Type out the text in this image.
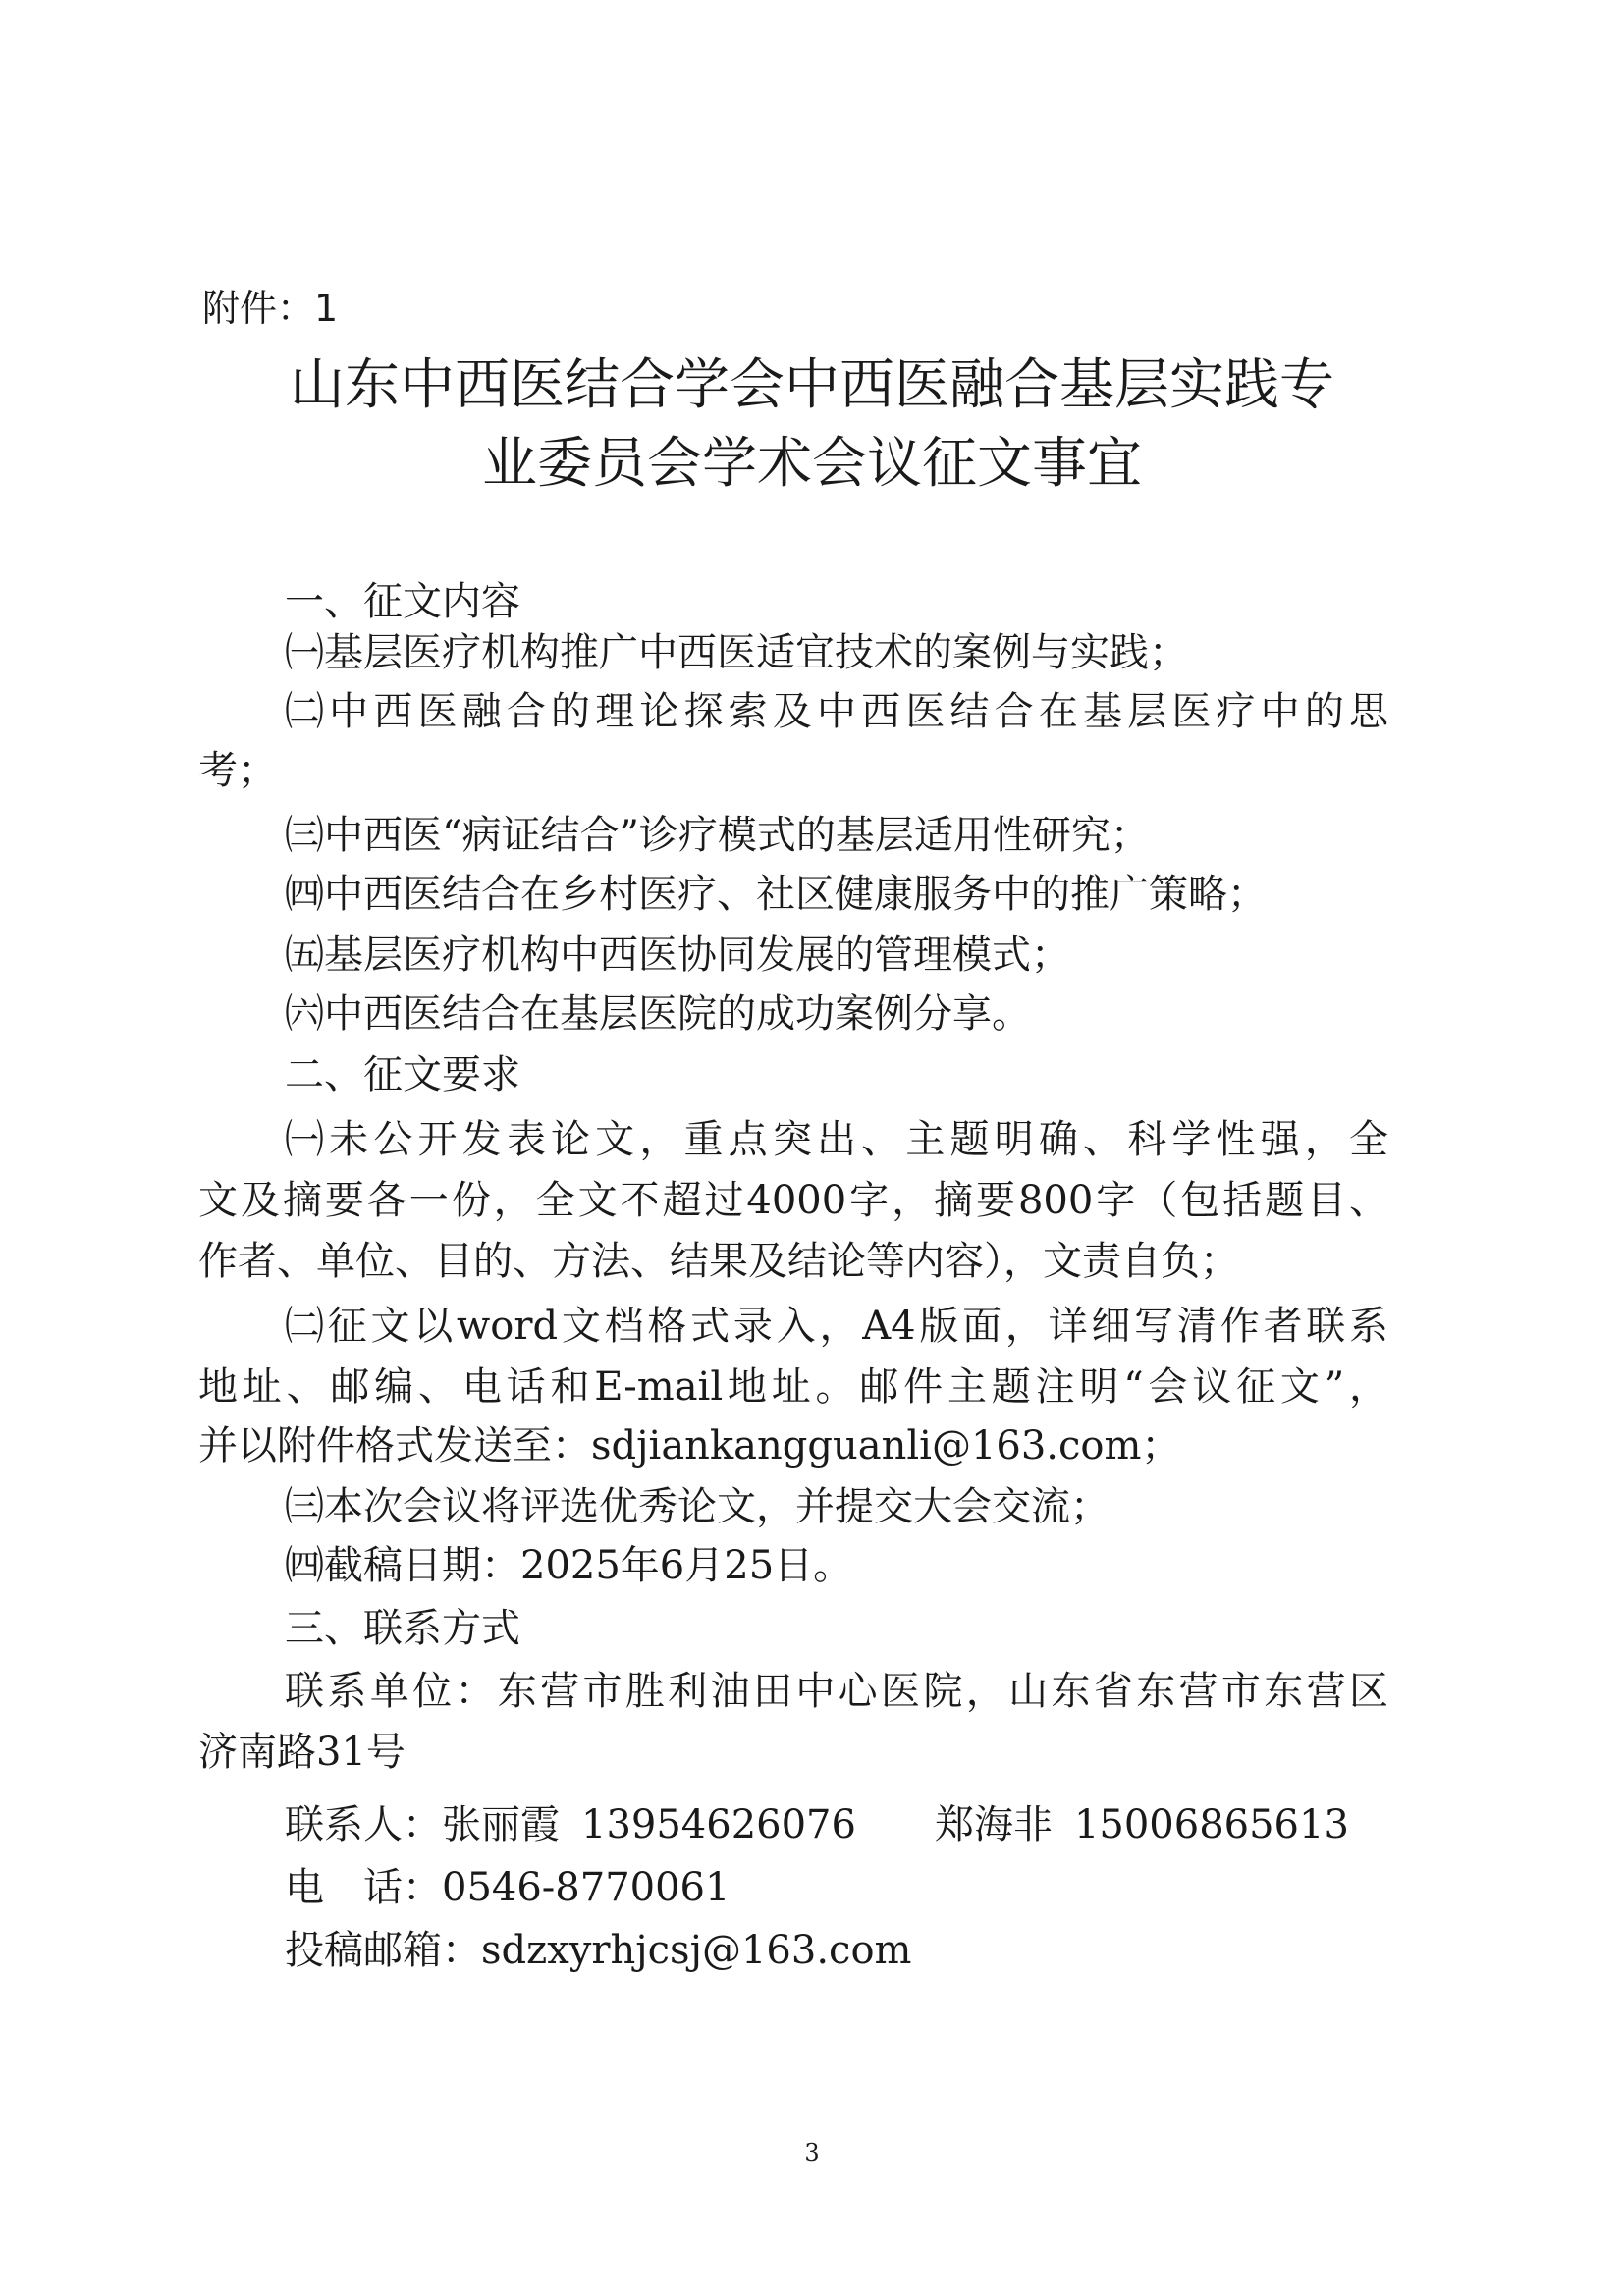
附件：1
山东中西医结合学会中西医融合基层实践专
业委员会学术会议征文事宜
一、征文内容
㈠基层医疗机构推广中西医适宜技术的案例与实践；
㈡中西医融合的理论探索及中西医结合在基层医疗中的思
考；
㈢中西医“病证结合”诊疗模式的基层适用性研究；
㈣中西医结合在乡村医疗、社区健康服务中的推广策略；
㈤基层医疗机构中西医协同发展的管理模式；
㈥中西医结合在基层医院的成功案例分享。
二、征文要求
㈠未公开发表论文，重点突出、主题明确、科学性强，全
文及摘要各一份，全文不超过4000字，摘要800字（包括题目、
作者、单位、目的、方法、结果及结论等内容），文责自负；
㈡征文以word文档格式录入，A4版面，详细写清作者联系
地址、邮编、电话和E-mail地址。邮件主题注明“会议征文”，
并以附件格式发送至：sdjiankangguanli@163.com；
㈢本次会议将评选优秀论文，并提交大会交流；
㈣截稿日期：2025年6月25日。
三、联系方式
联系单位：东营市胜利油田中心医院，山东省东营市东营区
济南路31号
联系人：张丽霞 13954626076 郑海非 15006865613
电　话：0546-8770061
投稿邮箱：sdzxyrhjcsj@163.com
3
